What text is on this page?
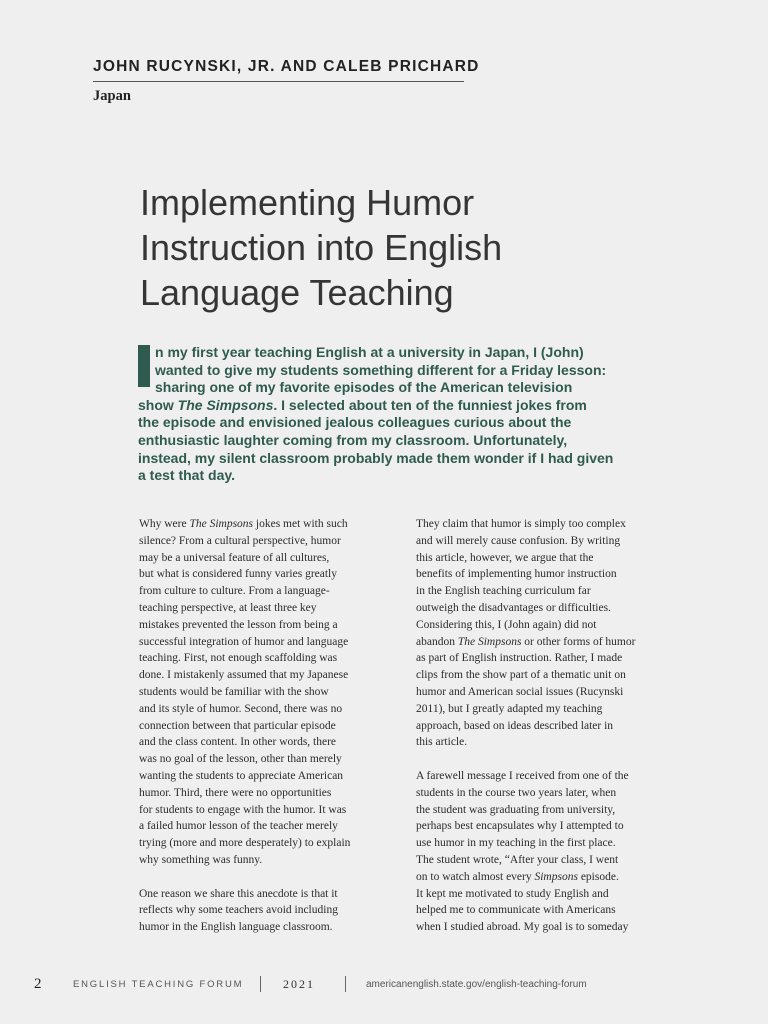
JOHN RUCYNSKI, JR. AND CALEB PRICHARD
Japan
Implementing Humor
Instruction into English
Language Teaching
n my first year teaching English at a university in Japan, I (John)
wanted to give my students something different for a Friday lesson:
sharing one of my favorite episodes of the American television
show The Simpsons. I selected about ten of the funniest jokes from
the episode and envisioned jealous colleagues curious about the
enthusiastic laughter coming from my classroom. Unfortunately,
instead, my silent classroom probably made them wonder if I had given
a test that day.
Why were The Simpsons jokes met with such
silence? From a cultural perspective, humor
may be a universal feature of all cultures,
but what is considered funny varies greatly
from culture to culture. From a language-
teaching perspective, at least three key
mistakes prevented the lesson from being a
successful integration of humor and language
teaching. First, not enough scaffolding was
done. I mistakenly assumed that my Japanese
students would be familiar with the show
and its style of humor. Second, there was no
connection between that particular episode
and the class content. In other words, there
was no goal of the lesson, other than merely
wanting the students to appreciate American
humor. Third, there were no opportunities
for students to engage with the humor. It was
a failed humor lesson of the teacher merely
trying (more and more desperately) to explain
why something was funny.
One reason we share this anecdote is that it
reflects why some teachers avoid including
humor in the English language classroom.
They claim that humor is simply too complex
and will merely cause confusion. By writing
this article, however, we argue that the
benefits of implementing humor instruction
in the English teaching curriculum far
outweigh the disadvantages or difficulties.
Considering this, I (John again) did not
abandon The Simpsons or other forms of humor
as part of English instruction. Rather, I made
clips from the show part of a thematic unit on
humor and American social issues (Rucynski
2011), but I greatly adapted my teaching
approach, based on ideas described later in
this article.
A farewell message I received from one of the
students in the course two years later, when
the student was graduating from university,
perhaps best encapsulates why I attempted to
use humor in my teaching in the first place.
The student wrote, “After your class, I went
on to watch almost every Simpsons episode.
It kept me motivated to study English and
helped me to communicate with Americans
when I studied abroad. My goal is to someday
2	ENGLISH TEACHING FORUM	2021	americanenglish.state.gov/english-teaching-forum
